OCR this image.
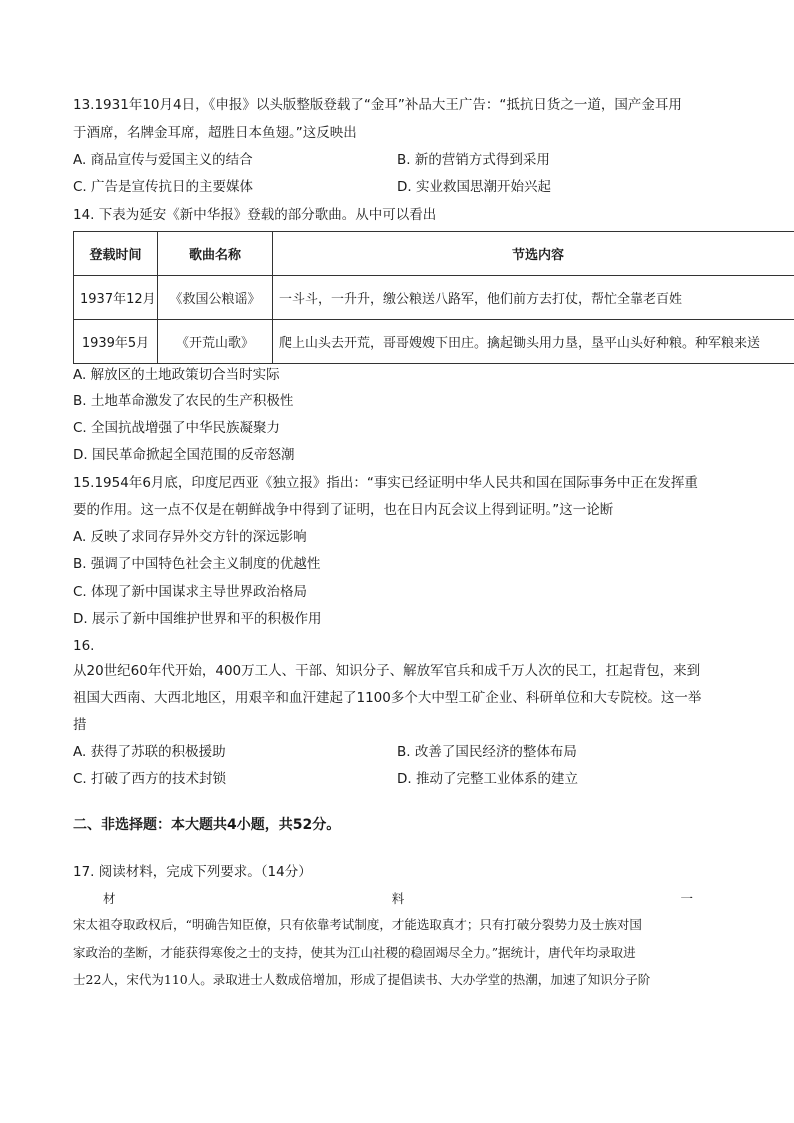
13.1931年10月4日，《申报》以头版整版登载了“金耳”补品大王广告：“抵抗日货之一道，国产金耳用
于酒席，名牌金耳席，超胜日本鱼翅。”这反映出
A. 商品宣传与爱国主义的结合	B. 新的营销方式得到采用
C. 广告是宣传抗日的主要媒体	D. 实业救国思潮开始兴起
14. 下表为延安《新中华报》登载的部分歌曲。从中可以看出
登载时间	歌曲名称	节选内容
1937年12月	《救国公粮谣》	一斗斗，一升升，缴公粮送八路军，他们前方去打仗，帮忙全靠老百姓
1939年5月	《开荒山歌》	爬上山头去开荒，哥哥嫂嫂下田庄。擒起锄头用力垦，垦平山头好种粮。种军粮来送
A. 解放区的土地政策切合当时实际
B. 土地革命激发了农民的生产积极性
C. 全国抗战增强了中华民族凝聚力
D. 国民革命掀起全国范围的反帝怒潮
15.1954年6月底，印度尼西亚《独立报》指出：“事实已经证明中华人民共和国在国际事务中正在发挥重
要的作用。这一点不仅是在朝鲜战争中得到了证明，也在日内瓦会议上得到证明。”这一论断
A. 反映了求同存异外交方针的深远影响
B. 强调了中国特色社会主义制度的优越性
C. 体现了新中国谋求主导世界政治格局
D. 展示了新中国维护世界和平的积极作用
16.
从20世纪60年代开始，400万工人、干部、知识分子、解放军官兵和成千万人次的民工，扛起背包，来到
祖国大西南、大西北地区，用艰辛和血汗建起了1100多个大中型工矿企业、科研单位和大专院校。这一举
措
A. 获得了苏联的积极援助	B. 改善了国民经济的整体布局
C. 打破了西方的技术封锁	D. 推动了完整工业体系的建立
二、非选择题：本大题共4小题，共52分。
17. 阅读材料，完成下列要求。（14分）
材	料	一
宋太祖夺取政权后，“明确告知臣僚，只有依靠考试制度，才能选取真才；只有打破分裂势力及士族对国
家政治的垄断，才能获得寒俊之士的支持，使其为江山社稷的稳固竭尽全力。”据统计，唐代年均录取进
士22人，宋代为110人。录取进士人数成倍增加，形成了提倡读书、大办学堂的热潮，加速了知识分子阶
